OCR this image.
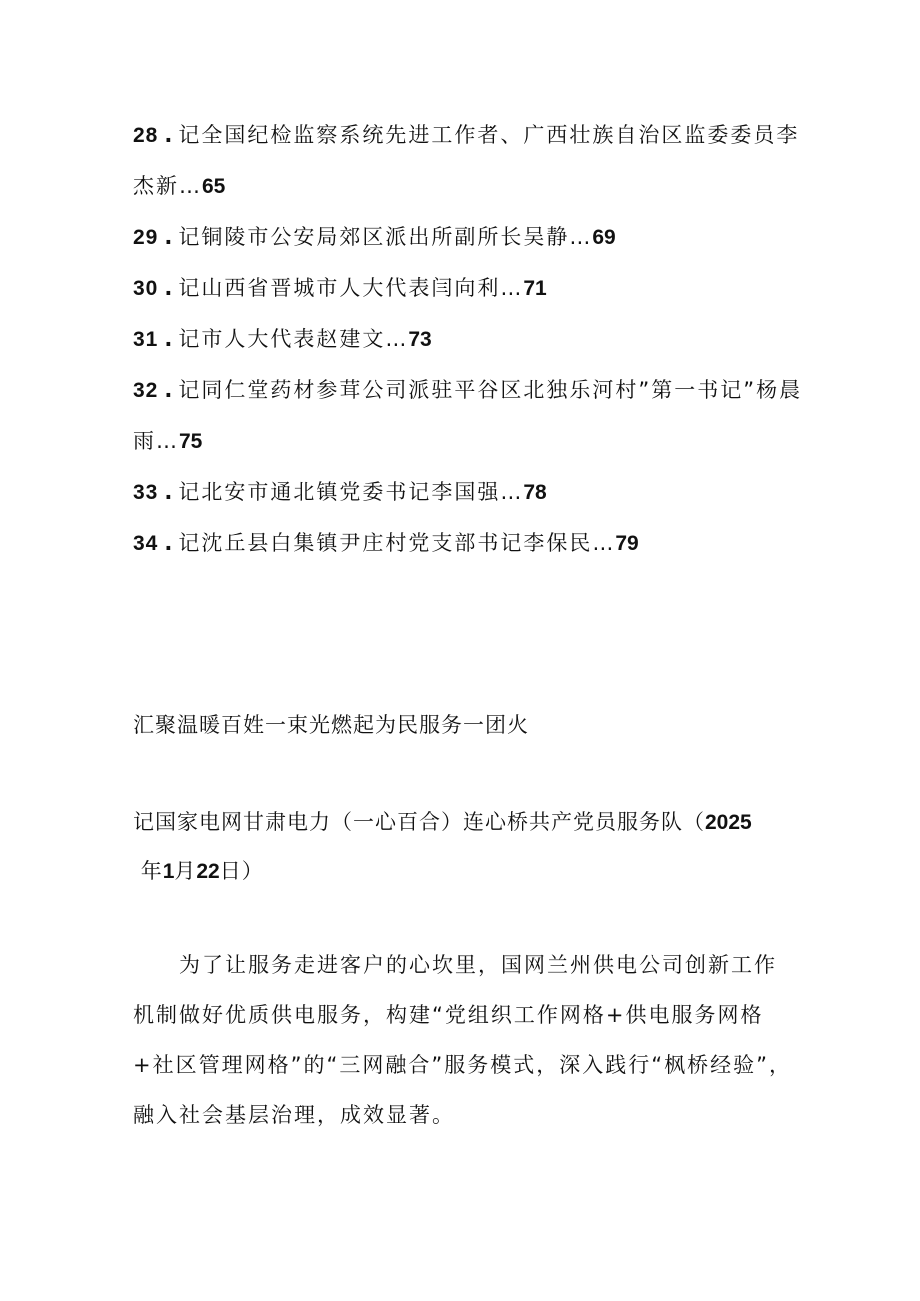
28 . 记全国纪检监察系统先进工作者、广西壮族自治区监委委员李杰新…65
29 . 记铜陵市公安局郊区派出所副所长吴静…69
30 . 记山西省晋城市人大代表闫向利…71
31 . 记市人大代表赵建文…73
32 . 记同仁堂药材参茸公司派驻平谷区北独乐河村”第一书记”杨晨雨…75
33 . 记北安市通北镇党委书记李国强…78
34 . 记沈丘县白集镇尹庄村党支部书记李保民…79
汇聚温暖百姓一束光燃起为民服务一团火
记国家电网甘肃电力（一心百合）连心桥共产党员服务队（2025
年1月22日）
为了让服务走进客户的心坎里，国网兰州供电公司创新工作机制做好优质供电服务，构建“党组织工作网格+供电服务网格+社区管理网格”的“三网融合”服务模式，深入践行“枫桥经验”，融入社会基层治理，成效显著。
